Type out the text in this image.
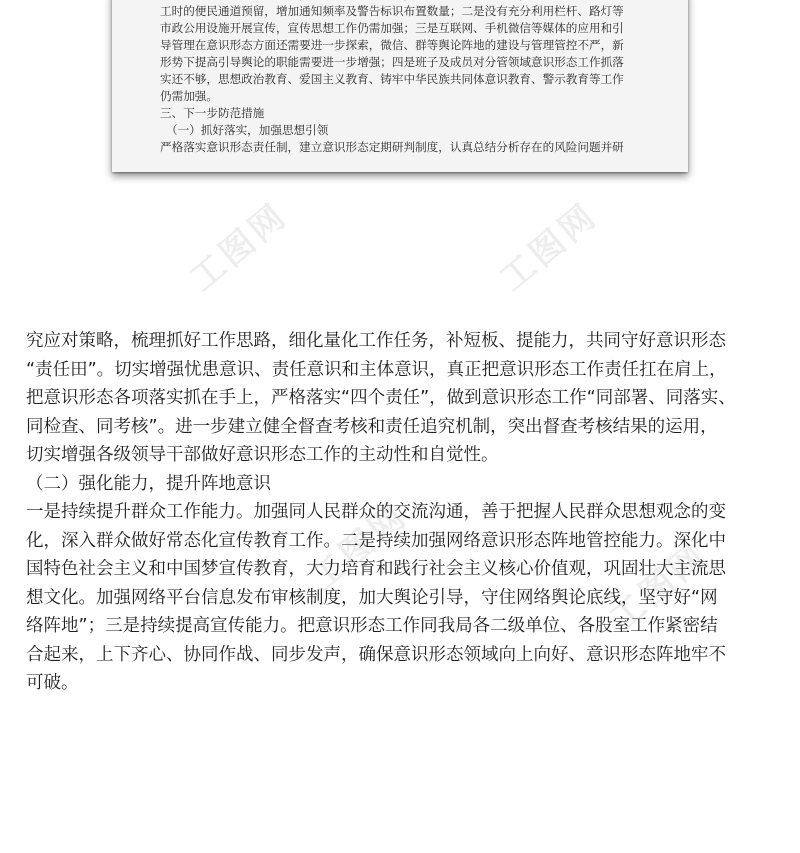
工时的便民通道预留，增加通知频率及警告标识布置数量；二是没有充分利用栏杆、路灯等

市政公用设施开展宣传，宣传思想工作仍需加强；三是互联网、手机微信等媒体的应用和引

导管理在意识形态方面还需要进一步探索，微信、群等舆论阵地的建设与管理管控不严，新

形势下提高引导舆论的职能需要进一步增强；四是班子及成员对分管领域意识形态工作抓落

实还不够，思想政治教育、爱国主义教育、铸牢中华民族共同体意识教育、警示教育等工作

仍需加强。

三、下一步防范措施

（一）抓好落实，加强思想引领

严格落实意识形态责任制，建立意识形态定期研判制度，认真总结分析存在的风险问题并研

工图网	工图网
工图网	工图网

究应对策略，梳理抓好工作思路，细化量化工作任务，补短板、提能力，共同守好意识形态

“责任田”。切实增强忧患意识、责任意识和主体意识，真正把意识形态工作责任扛在肩上，

把意识形态各项落实抓在手上，严格落实“四个责任”，做到意识形态工作“同部署、同落实、

同检查、同考核”。进一步建立健全督查考核和责任追究机制，突出督查考核结果的运用，

切实增强各级领导干部做好意识形态工作的主动性和自觉性。

（二）强化能力，提升阵地意识

一是持续提升群众工作能力。加强同人民群众的交流沟通，善于把握人民群众思想观念的变

化，深入群众做好常态化宣传教育工作。二是持续加强网络意识形态阵地管控能力。深化中

国特色社会主义和中国梦宣传教育，大力培育和践行社会主义核心价值观，巩固壮大主流思

想文化。加强网络平台信息发布审核制度，加大舆论引导，守住网络舆论底线，坚守好“网

络阵地”；三是持续提高宣传能力。把意识形态工作同我局各二级单位、各股室工作紧密结

合起来，上下齐心、协同作战、同步发声，确保意识形态领域向上向好、意识形态阵地牢不

可破。
